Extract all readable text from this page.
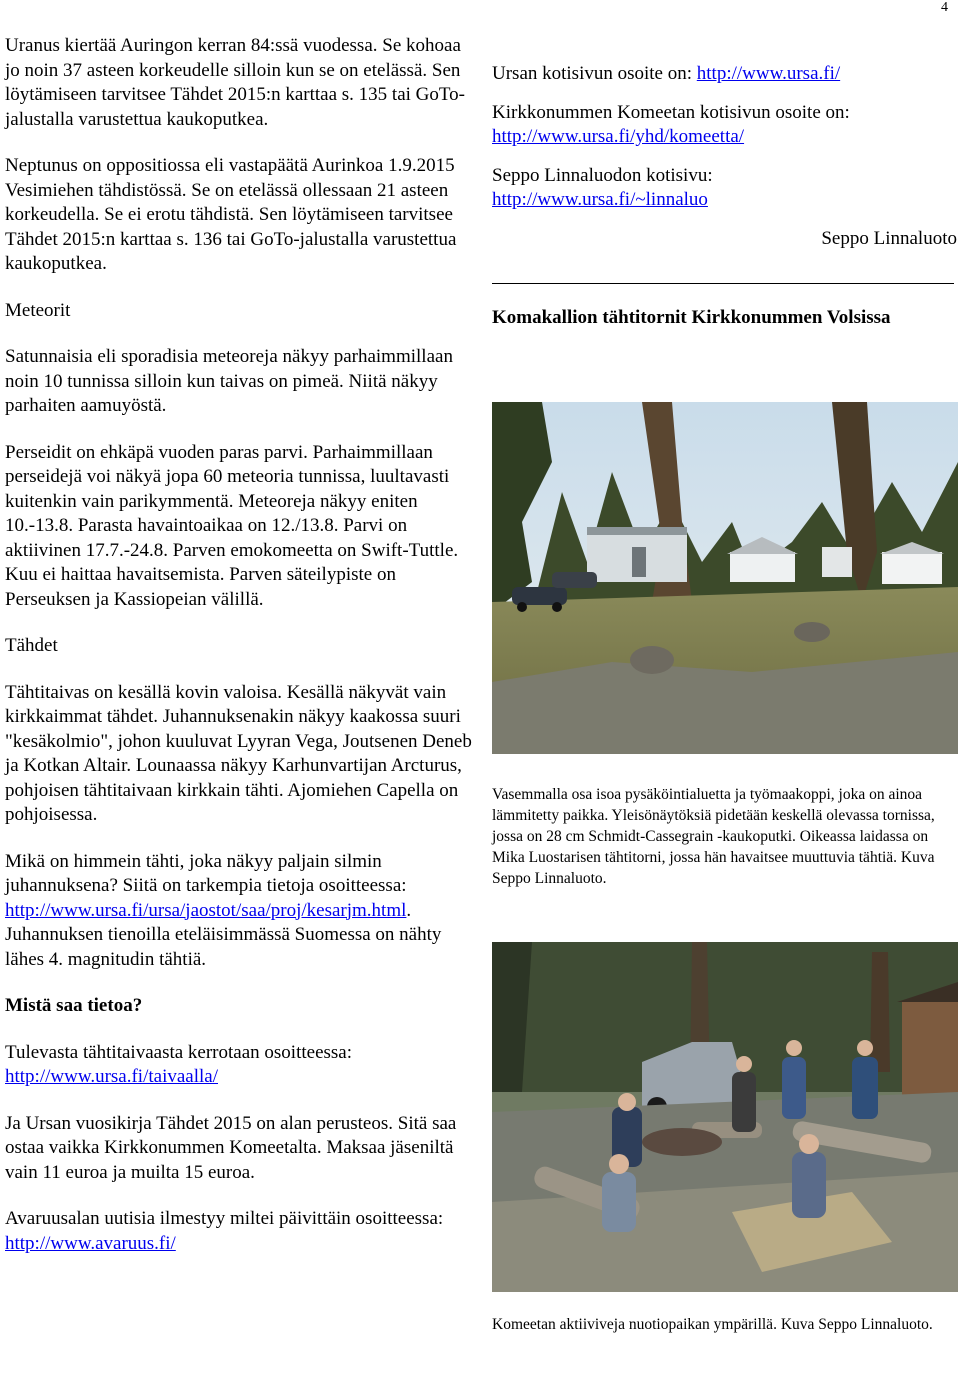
4

Uranus kiertää Auringon kerran 84:ssä vuodessa. Se kohoaa jo noin 37 asteen korkeudelle silloin kun se on etelässä. Sen löytämiseen tarvitsee Tähdet 2015:n karttaa s. 135 tai GoTo-jalustalla varustettua kaukoputkea.

Neptunus on oppositiossa eli vastapäätä Aurinkoa 1.9.2015 Vesimiehen tähdistössä. Se on etelässä ollessaan 21 asteen korkeudella. Se ei erotu tähdistä. Sen löytämiseen tarvitsee Tähdet 2015:n karttaa s. 136 tai GoTo-jalustalla varustettua kaukoputkea.

Meteorit

Satunnaisia eli sporadisia meteoreja näkyy parhaimmillaan noin 10 tunnissa silloin kun taivas on pimeä. Niitä näkyy parhaiten aamuyöstä.

Perseidit on ehkäpä vuoden paras parvi. Parhaimmillaan perseidejä voi näkyä jopa 60 meteoria tunnissa, luultavasti kuitenkin vain parikymmentä. Meteoreja näkyy eniten 10.-13.8. Parasta havaintoaikaa on 12./13.8. Parvi on aktiivinen 17.7.-24.8. Parven emokomeetta on Swift-Tuttle. Kuu ei haittaa havaitsemista. Parven säteilypiste on Perseuksen ja Kassiopeian välillä.

Tähdet

Tähtitaivas on kesällä kovin valoisa. Kesällä näkyvät vain kirkkaimmat tähdet. Juhannuksenakin näkyy kaakossa suuri "kesäkolmio", johon kuuluvat Lyyran Vega, Joutsenen Deneb ja Kotkan Altair. Lounaassa näkyy Karhunvartijan Arcturus, pohjoisen tähtitaivaan kirkkain tähti. Ajomiehen Capella on pohjoisessa.

Mikä on himmein tähti, joka näkyy paljain silmin juhannuksena? Siitä on tarkempia tietoja osoitteessa: http://www.ursa.fi/ursa/jaostot/saa/proj/kesarjm.html. Juhannuksen tienoilla eteläisimmässä Suomessa on nähty lähes 4. magnitudin tähtiä.

Mistä saa tietoa?

Tulevasta tähtitaivaasta kerrotaan osoitteessa:
http://www.ursa.fi/taivaalla/

Ja Ursan vuosikirja Tähdet 2015 on alan perusteos. Sitä saa ostaa vaikka Kirkkonummen Komeetalta. Maksaa jäseniltä vain 11 euroa ja muilta 15 euroa.

Avaruusalan uutisia ilmestyy miltei päivittäin osoitteessa: http://www.avaruus.fi/

Ursan kotisivun osoite on: http://www.ursa.fi/

Kirkkonummen Komeetan kotisivun osoite on:
http://www.ursa.fi/yhd/komeetta/

Seppo Linnaluodon kotisivu:
http://www.ursa.fi/~linnaluo

Seppo Linnaluoto

Komakallion tähtitornit Kirkkonummen Volsissa

Vasemmalla osa isoa pysäköintialuetta ja työmaakoppi, joka on ainoa lämmitetty paikka. Yleisönäytöksiä pidetään keskellä olevassa tornissa, jossa on 28 cm Schmidt-Cassegrain -kaukoputki. Oikeassa laidassa on Mika Luostarisen tähtitorni, jossa hän havaitsee muuttuvia tähtiä. Kuva Seppo Linnaluoto.

Komeetan aktiiviveja nuotiopaikan ympärillä. Kuva Seppo Linnaluoto.
